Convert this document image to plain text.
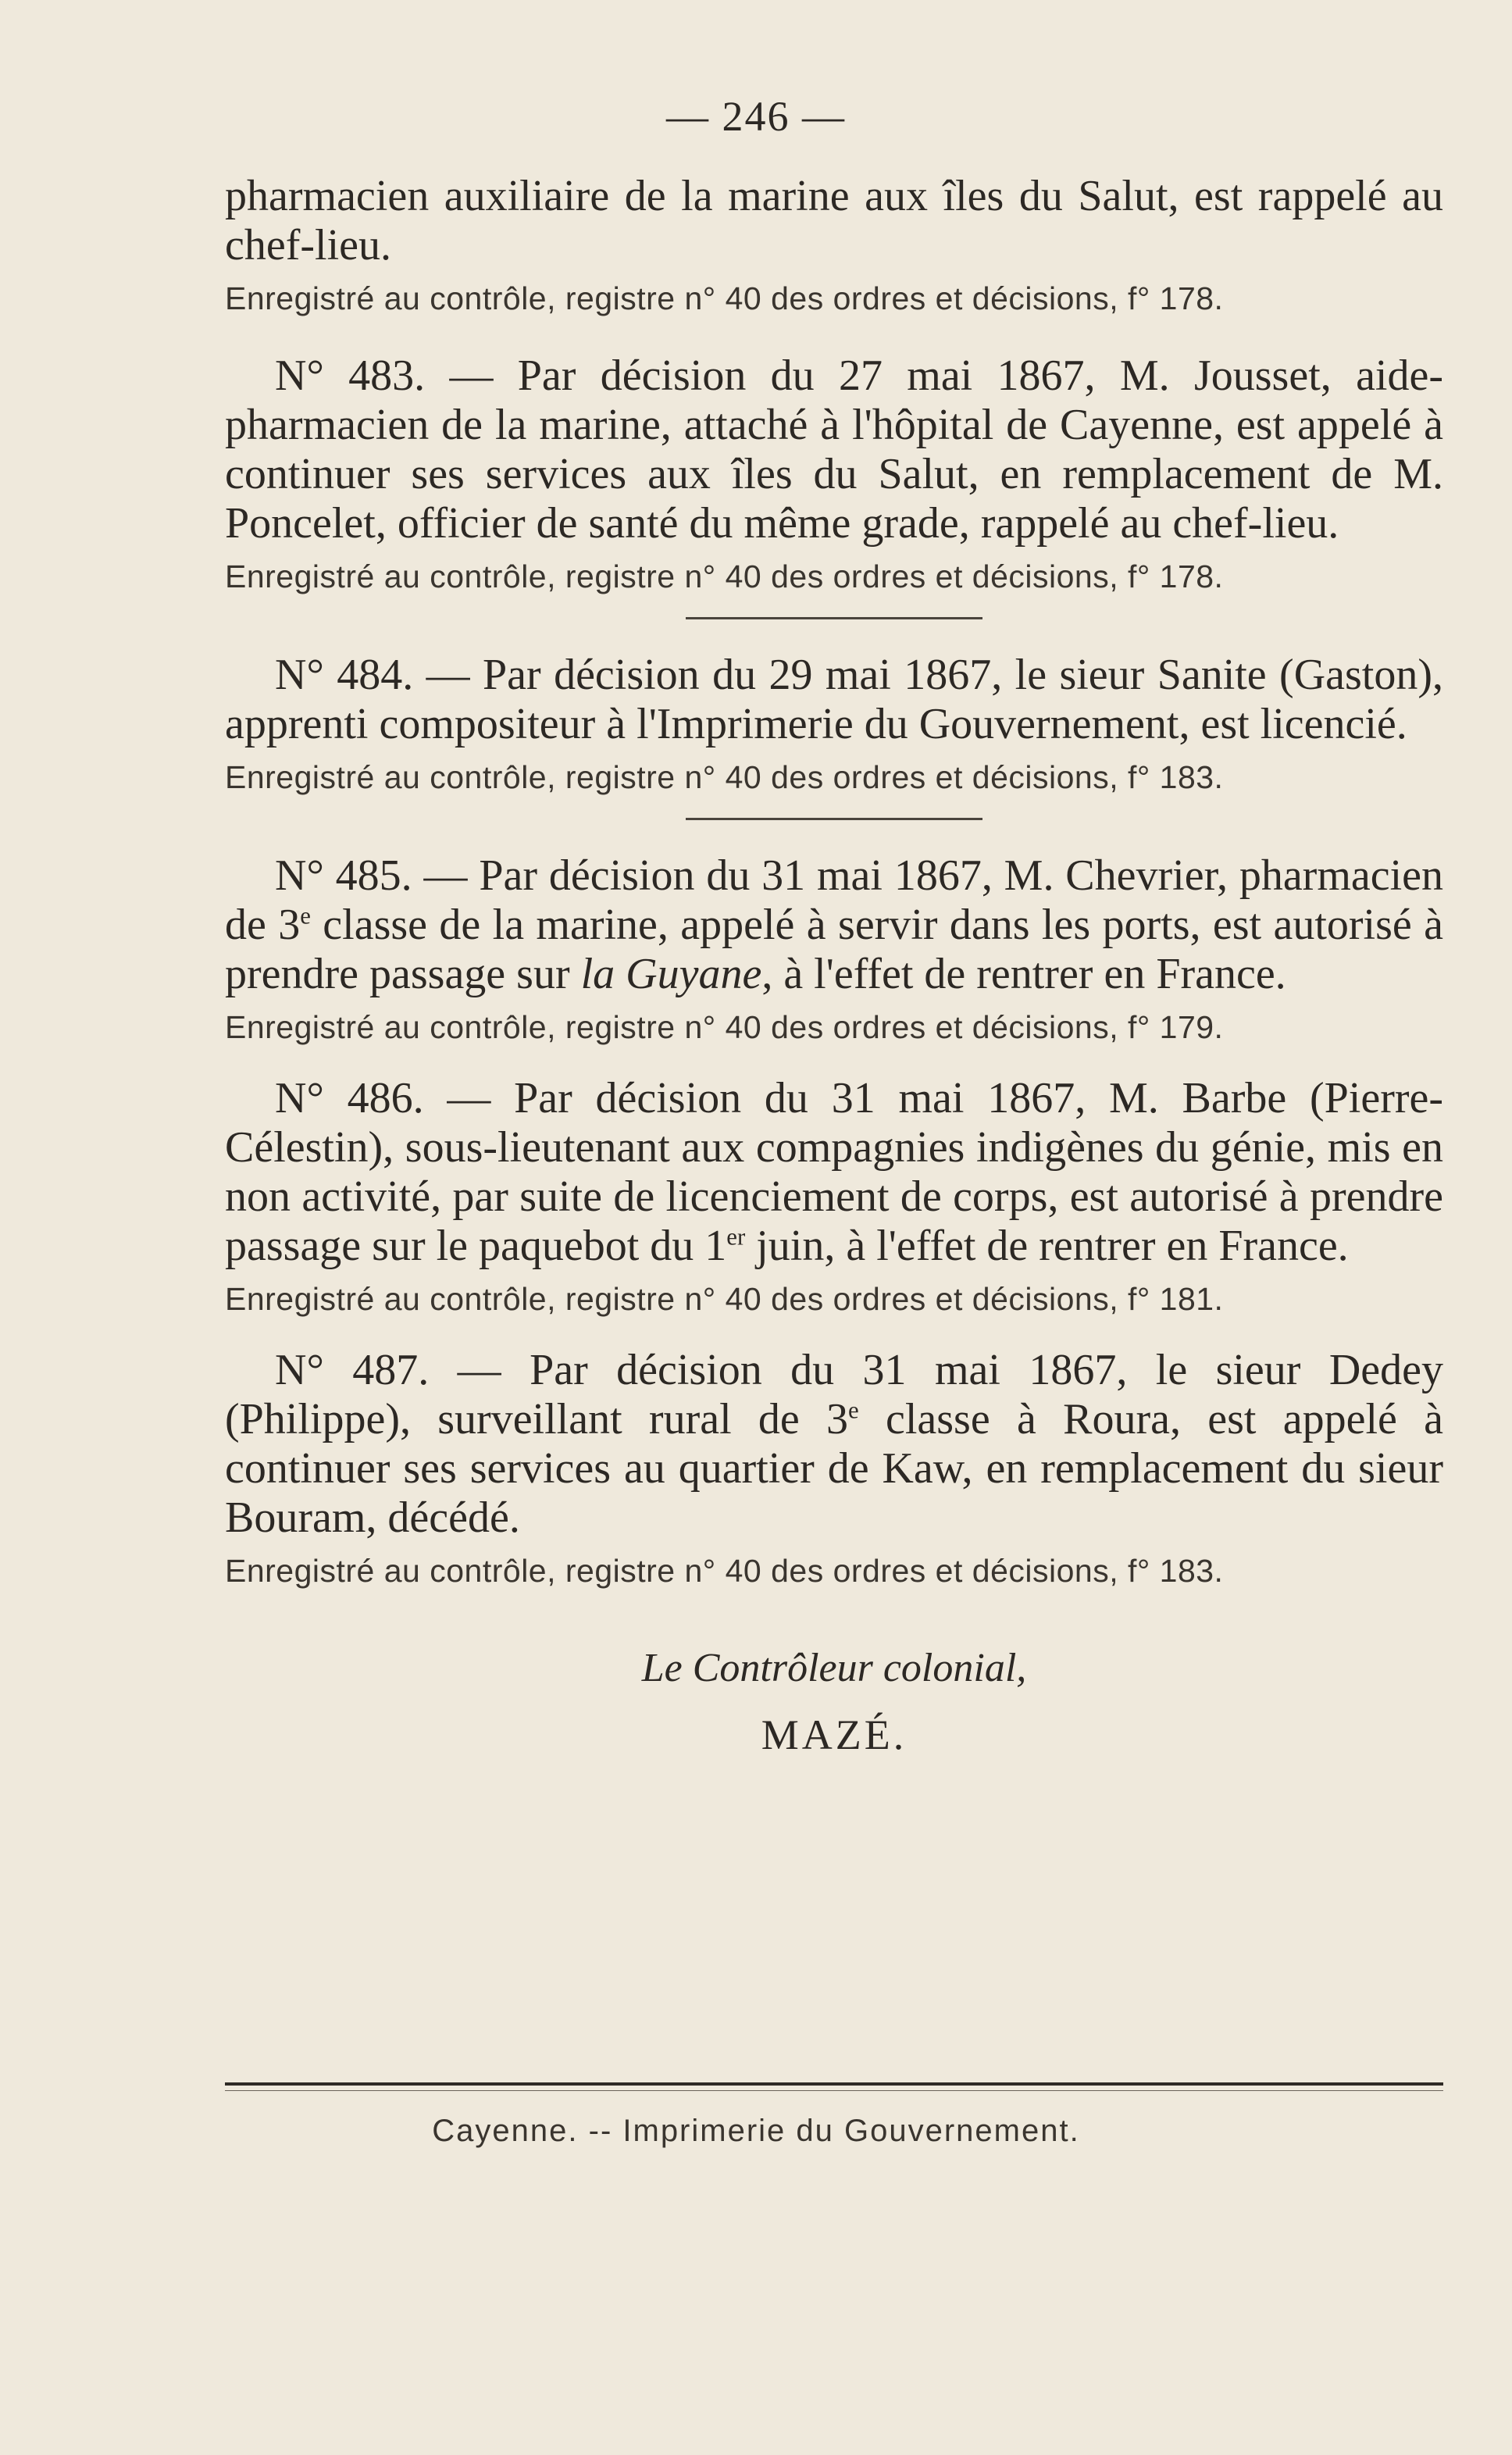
— 246 —

pharmacien auxiliaire de la marine aux îles du Salut, est rappelé au chef-lieu.

Enregistré au contrôle, registre n° 40 des ordres et décisions, f° 178.

N° 483. — Par décision du 27 mai 1867, M. Jousset, aide-pharmacien de la marine, attaché à l'hôpital de Cayenne, est appelé à continuer ses services aux îles du Salut, en remplacement de M. Poncelet, officier de santé du même grade, rappelé au chef-lieu.

Enregistré au contrôle, registre n° 40 des ordres et décisions, f° 178.

N° 484. — Par décision du 29 mai 1867, le sieur Sanite (Gaston), apprenti compositeur à l'Imprimerie du Gouvernement, est licencié.

Enregistré au contrôle, registre n° 40 des ordres et décisions, f° 183.

N° 485. — Par décision du 31 mai 1867, M. Chevrier, pharmacien de 3e classe de la marine, appelé à servir dans les ports, est autorisé à prendre passage sur la Guyane, à l'effet de rentrer en France.

Enregistré au contrôle, registre n° 40 des ordres et décisions, f° 179.

N° 486. — Par décision du 31 mai 1867, M. Barbe (Pierre-Célestin), sous-lieutenant aux compagnies indigènes du génie, mis en non activité, par suite de licenciement de corps, est autorisé à prendre passage sur le paquebot du 1er juin, à l'effet de rentrer en France.

Enregistré au contrôle, registre n° 40 des ordres et décisions, f° 181.

N° 487. — Par décision du 31 mai 1867, le sieur Dedey (Philippe), surveillant rural de 3e classe à Roura, est appelé à continuer ses services au quartier de Kaw, en remplacement du sieur Bouram, décédé.

Enregistré au contrôle, registre n° 40 des ordres et décisions, f° 183.
Le Contrôleur colonial,
MAZÉ.
Cayenne. -- Imprimerie du Gouvernement.
